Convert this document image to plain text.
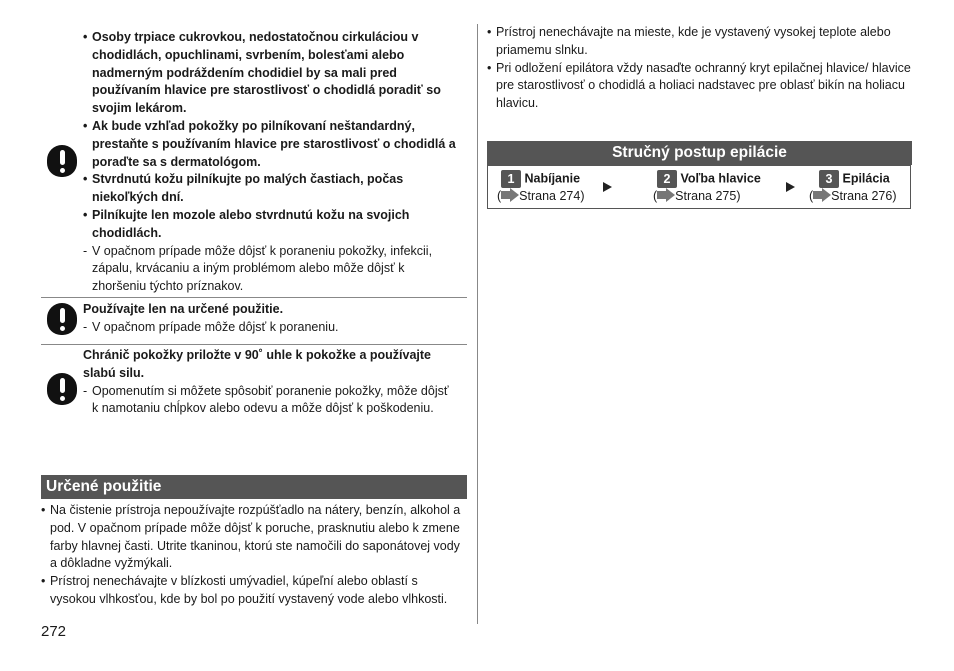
• Osoby trpiace cukrovkou, nedostatočnou cirkuláciou v chodidlách, opuchlinami, svrbením, bolesťami alebo nadmerným podráždením chodidiel by sa mali pred používaním hlavice pre starostlivosť o chodidlá poradiť so svojim lekárom.
• Ak bude vzhľad pokožky po pilníkovaní neštandardný, prestaňte s používaním hlavice pre starostlivosť o chodidlá a poraďte sa s dermatológom.
• Stvrdnutú kožu pilníkujte po malých častiach, počas niekoľkých dní.
• Pilníkujte len mozole alebo stvrdnutú kožu na svojich chodidlách.
- V opačnom prípade môže dôjsť k poraneniu pokožky, infekcii, zápalu, krvácaniu a iným problémom alebo môže dôjsť k zhoršeniu týchto príznakov.
Používajte len na určené použitie.
- V opačnom prípade môže dôjsť k poraneniu.
Chránič pokožky priložte v 90˚ uhle k pokožke a používajte slabú silu.
- Opomenutím si môžete spôsobiť poranenie pokožky, môže dôjsť k namotaniu chĺpkov alebo odevu a môže dôjsť k poškodeniu.
Určené použitie
• Na čistenie prístroja nepoužívajte rozpúšťadlo na nátery, benzín, alkohol a pod. V opačnom prípade môže dôjsť k poruche, prasknutiu alebo k zmene farby hlavnej časti. Utrite tkaninou, ktorú ste namočili do saponátovej vody a dôkladne vyžmýkali.
• Prístroj nenechávajte v blízkosti umývadiel, kúpeľní alebo oblastí s vysokou vlhkosťou, kde by bol po použití vystavený vode alebo vlhkosti.
272
• Prístroj nenechávajte na mieste, kde je vystavený vysokej teplote alebo priamemu slnku.
• Pri odložení epilátora vždy nasaďte ochranný kryt epilačnej hlavice/ hlavice pre starostlivosť o chodidlá a holiaci nadstavec pre oblasť bikín na holiacu hlavicu.
Stručný postup epilácie
1 Nabíjanie
( Strana 274)
2 Voľba hlavice
( Strana 275)
3 Epilácia
( Strana 276)
